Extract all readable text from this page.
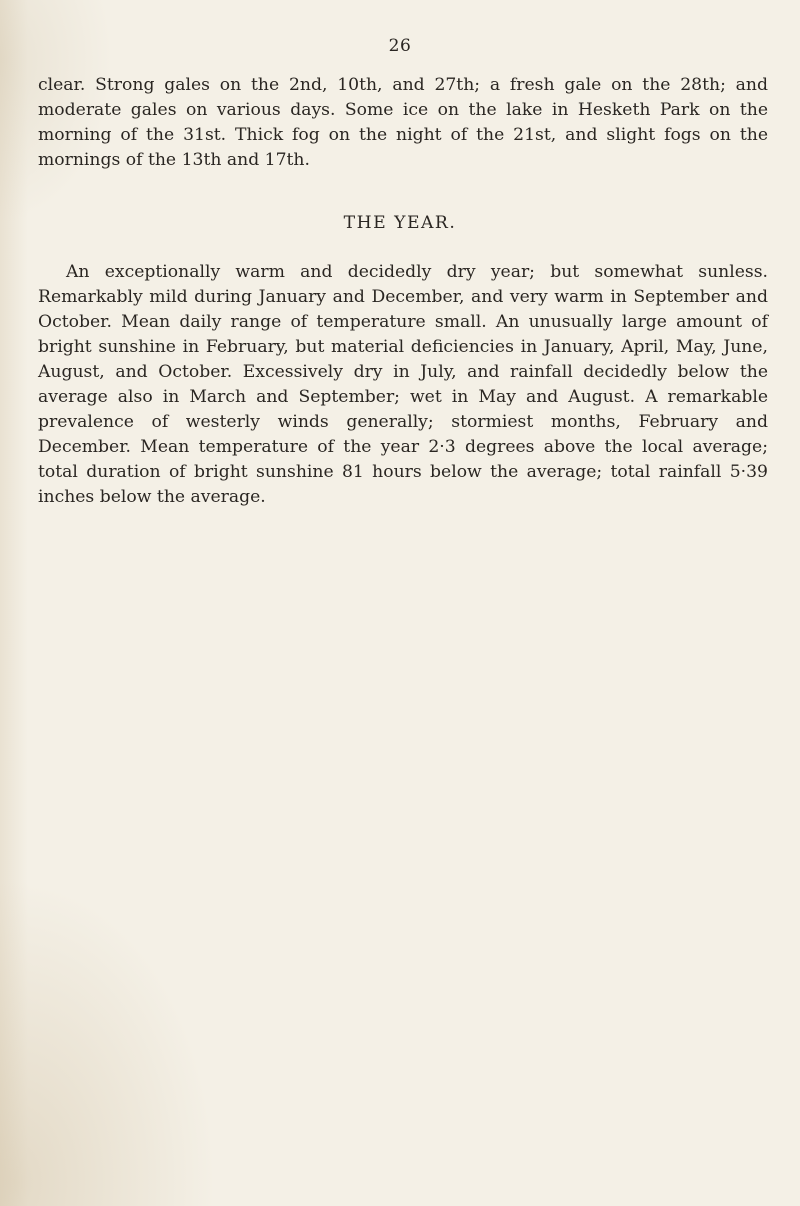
26

clear. Strong gales on the 2nd, 10th, and 27th; a fresh gale on the 28th; and moderate gales on various days. Some ice on the lake in Hesketh Park on the morning of the 31st. Thick fog on the night of the 21st, and slight fogs on the mornings of the 13th and 17th.

THE YEAR.

An exceptionally warm and decidedly dry year; but somewhat sunless. Remarkably mild during January and December, and very warm in September and October. Mean daily range of temperature small. An unusually large amount of bright sunshine in February, but material deficiencies in January, April, May, June, August, and October. Excessively dry in July, and rainfall decidedly below the average also in March and September; wet in May and August. A remarkable prevalence of westerly winds generally; stormiest months, February and December. Mean temperature of the year 2·3 degrees above the local average; total duration of bright sunshine 81 hours below the average; total rainfall 5·39 inches below the average.
